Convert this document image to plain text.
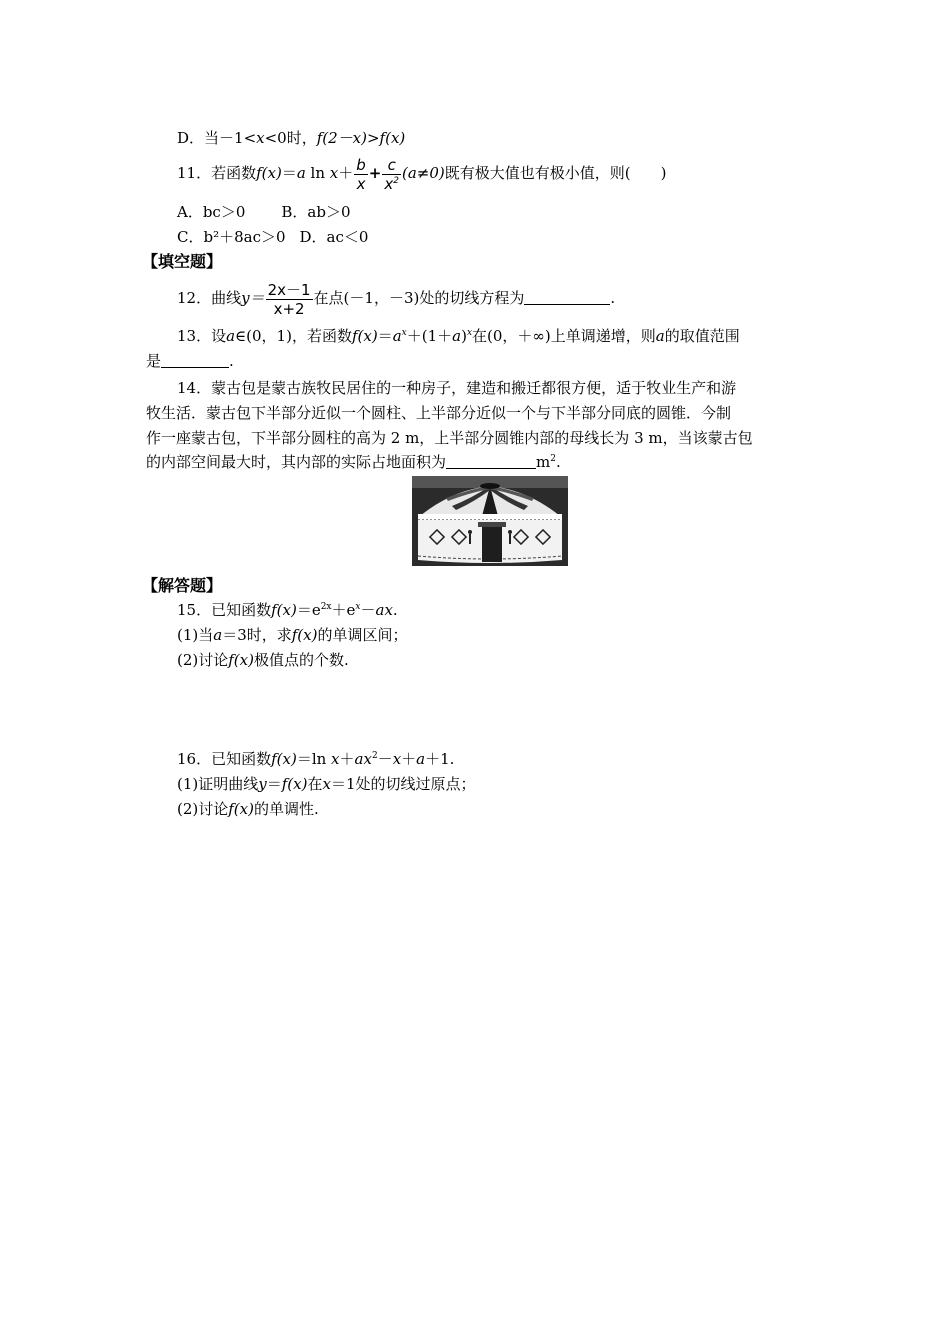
D．当－1<x<0时，f(2－x)>f(x)
11．若函数f(x)＝a $\ln x+ \frac{b}{x} + \frac{c}{x^2} (a\ne 0)$既有极大值也有极小值，则(　　)
A．bc＞0 B．ab＞0
C．b²＋8ac＞0 D．ac＜0
【填空题】
12．曲线$y= \frac{2x-1}{x+2}$ 在点(－1，－3)处的切线方程为	.
13．设a∈(0，1)，若函数$f(x)=a^x+(1+a)^x$在(0，＋∞)上单调递增，则a的取值范围
是	.
14．蒙古包是蒙古族牧民居住的一种房子，建造和搬迁都很方便，适于牧业生产和游
牧生活．蒙古包下半部分近似一个圆柱、上半部分近似一个与下半部分同底的圆锥．今制
作一座蒙古包，下半部分圆柱的高为 2 m，上半部分圆锥内部的母线长为 3 m，当该蒙古包
的内部空间最大时，其内部的实际占地面积为	$m^2$.
【解答题】
15．已知函数$f(x)=e^{2x}+e^x-ax$.
(1)当a＝3时，求f(x)的单调区间；
(2)讨论f(x)极值点的个数.
16．已知函数f(x)＝ln $x+ax^2-x+a+1$.
(1)证明曲线y＝f(x)在x＝1处的切线过原点；
(2)讨论f(x)的单调性.
